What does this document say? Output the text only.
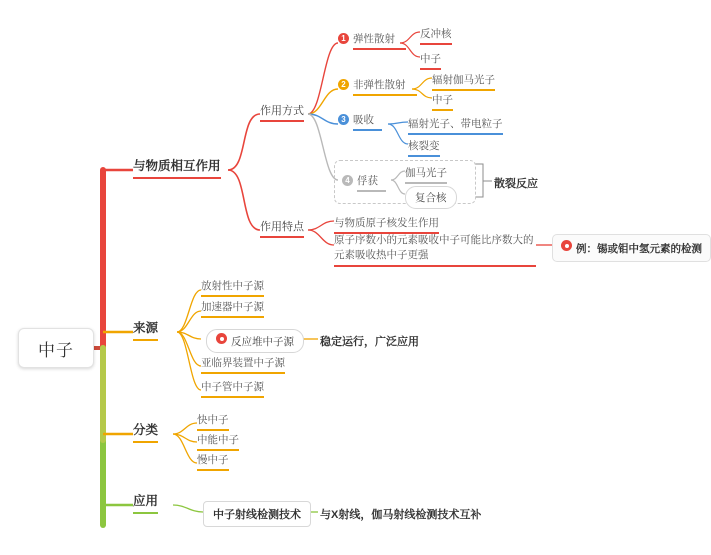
中子
与物质相互作用
来源
分类
应用
作用方式
作用特点
1 弹性散射	反冲核
中子
2 非弹性散射	辐射伽马光子
中子
3 吸收	辐射光子、带电粒子
核裂变
4 俘获
伽马光子
复合核
散裂反应
与物质原子核发生作用
原子序数小的元素吸收中子可能比序数大的元素吸收热中子更强	例：锡或钼中氢元素的检测
放射性中子源
加速器中子源
反应堆中子源	稳定运行，广泛应用
亚临界装置中子源
中子管中子源
快中子
中能中子
慢中子
中子射线检测技术	与X射线，伽马射线检测技术互补
